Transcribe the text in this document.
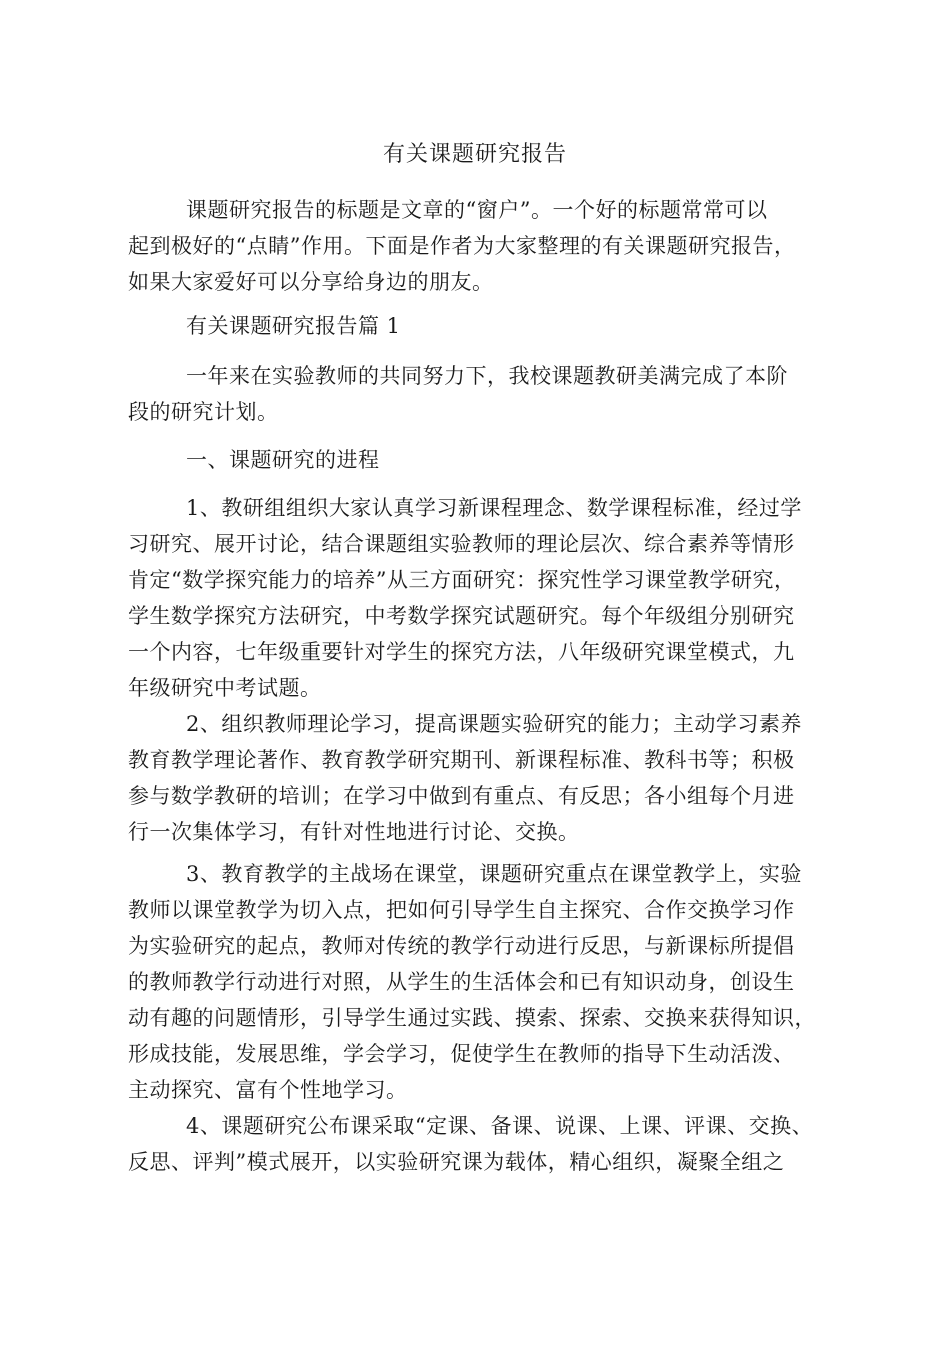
有关课题研究报告

课题研究报告的标题是文章的“窗户”。一个好的标题常常可以
起到极好的“点睛”作用。下面是作者为大家整理的有关课题研究报告，
如果大家爱好可以分享给身边的朋友。

有关课题研究报告篇 1

一年来在实验教师的共同努力下，我校课题教研美满完成了本阶
段的研究计划。

一、课题研究的进程

1、教研组组织大家认真学习新课程理念、数学课程标准，经过学
习研究、展开讨论，结合课题组实验教师的理论层次、综合素养等情形
肯定“数学探究能力的培养”从三方面研究：探究性学习课堂教学研究，
学生数学探究方法研究，中考数学探究试题研究。每个年级组分别研究
一个内容，七年级重要针对学生的探究方法，八年级研究课堂模式，九
年级研究中考试题。

2、组织教师理论学习，提高课题实验研究的能力；主动学习素养
教育教学理论著作、教育教学研究期刊、新课程标准、教科书等；积极
参与数学教研的培训；在学习中做到有重点、有反思；各小组每个月进
行一次集体学习，有针对性地进行讨论、交换。

3、教育教学的主战场在课堂，课题研究重点在课堂教学上，实验
教师以课堂教学为切入点，把如何引导学生自主探究、合作交换学习作
为实验研究的起点，教师对传统的教学行动进行反思，与新课标所提倡
的教师教学行动进行对照，从学生的生活体会和已有知识动身，创设生
动有趣的问题情形，引导学生通过实践、摸索、探索、交换来获得知识，
形成技能，发展思维，学会学习，促使学生在教师的指导下生动活泼、
主动探究、富有个性地学习。

4、课题研究公布课采取“定课、备课、说课、上课、评课、交换、
反思、评判”模式展开，以实验研究课为载体，精心组织，凝聚全组之
